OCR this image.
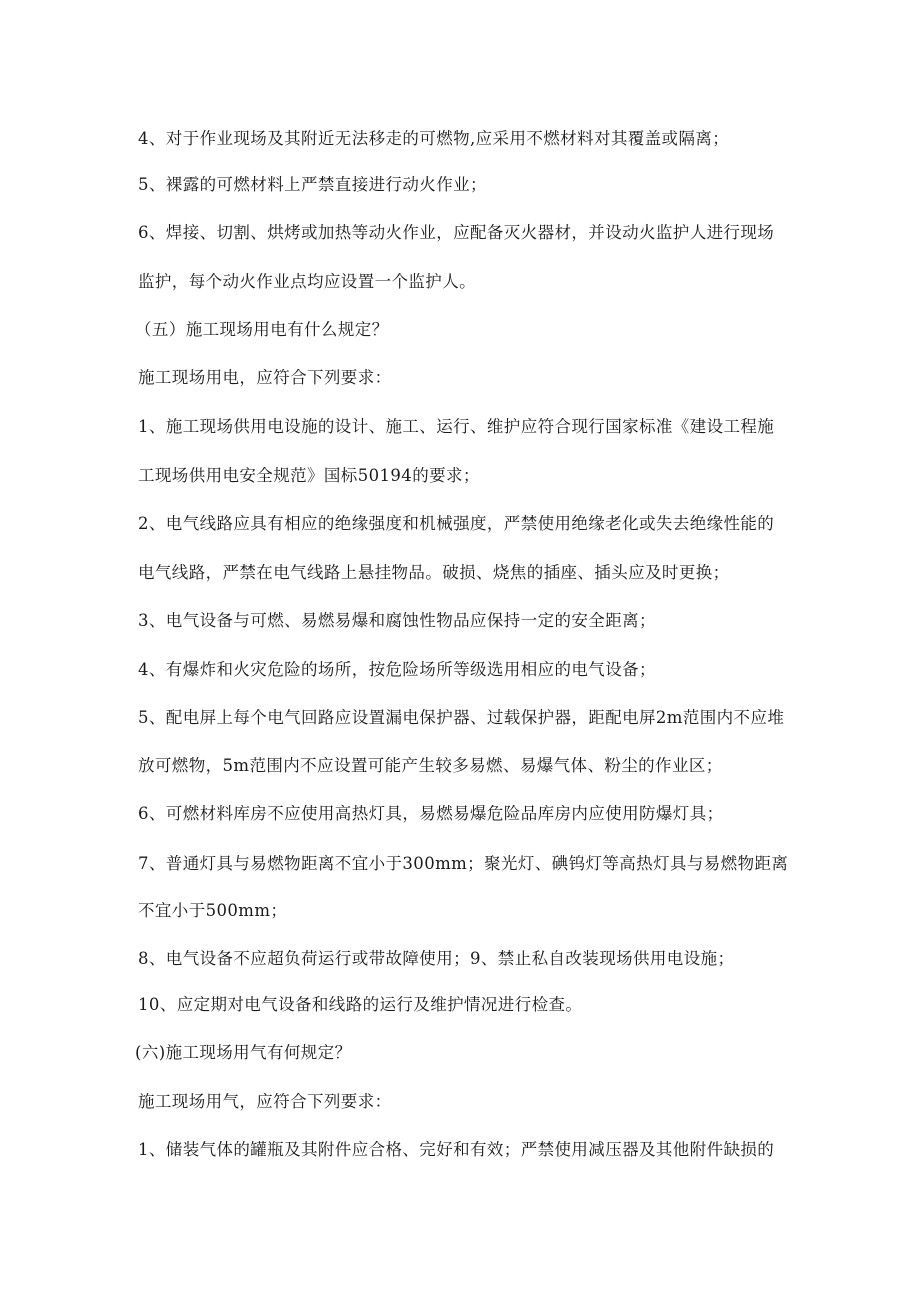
4、对于作业现场及其附近无法移走的可燃物,应采用不燃材料对其覆盖或隔离；
5、裸露的可燃材料上严禁直接进行动火作业；
6、焊接、切割、烘烤或加热等动火作业，应配备灭火器材，并设动火监护人进行现场
监护，每个动火作业点均应设置一个监护人。
（五）施工现场用电有什么规定？
施工现场用电，应符合下列要求：
1、施工现场供用电设施的设计、施工、运行、维护应符合现行国家标准《建设工程施
工现场供用电安全规范》国标50194的要求；
2、电气线路应具有相应的绝缘强度和机械强度，严禁使用绝缘老化或失去绝缘性能的
电气线路，严禁在电气线路上悬挂物品。破损、烧焦的插座、插头应及时更换；
3、电气设备与可燃、易燃易爆和腐蚀性物品应保持一定的安全距离；
4、有爆炸和火灾危险的场所，按危险场所等级选用相应的电气设备；
5、配电屏上每个电气回路应设置漏电保护器、过载保护器，距配电屏2m范围内不应堆
放可燃物，5m范围内不应设置可能产生较多易燃、易爆气体、粉尘的作业区；
6、可燃材料库房不应使用高热灯具，易燃易爆危险品库房内应使用防爆灯具；
7、普通灯具与易燃物距离不宜小于300mm；聚光灯、碘钨灯等高热灯具与易燃物距离
不宜小于500mm；
8、电气设备不应超负荷运行或带故障使用；9、禁止私自改装现场供用电设施；
10、应定期对电气设备和线路的运行及维护情况进行检查。
(六)施工现场用气有何规定？
施工现场用气，应符合下列要求：
1、储装气体的罐瓶及其附件应合格、完好和有效；严禁使用减压器及其他附件缺损的
